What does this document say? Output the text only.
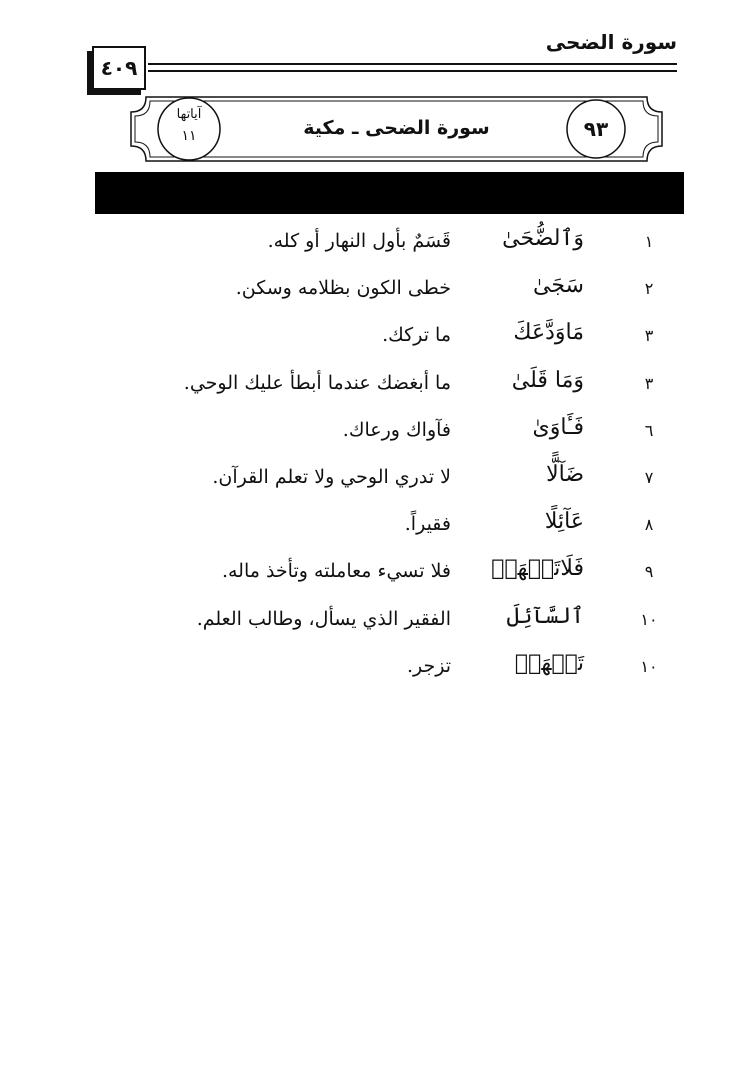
سورة الضحى
٤٠٩
سورة الضحى ـ مكية	٩٣
آياتها
١١
١
وَٱلضُّحَىٰ
قَسَمٌ بأول النهار أو كله.
٢
سَجَىٰ
خطى الكون بظلامه وسكن.
٣
مَاوَدَّعَكَ
ما تركك.
٣
وَمَا قَلَىٰ
ما أبغضك عندما أبطأ عليك الوحي.
٦
فَـَٔاوَىٰ
فآواك ورعاك.
٧
ضَآلًّا
لا تدري الوحي ولا تعلم القرآن.
٨
عَآئِلًا
فقيراً.
٩
فَلَاتَقۡهَرۡ
فلا تسيء معاملته وتأخذ ماله.
١٠
ٱلسَّآئِلَ
الفقير الذي يسأل، وطالب العلم.
١٠
تَنۡهَرۡ
تزجر.
